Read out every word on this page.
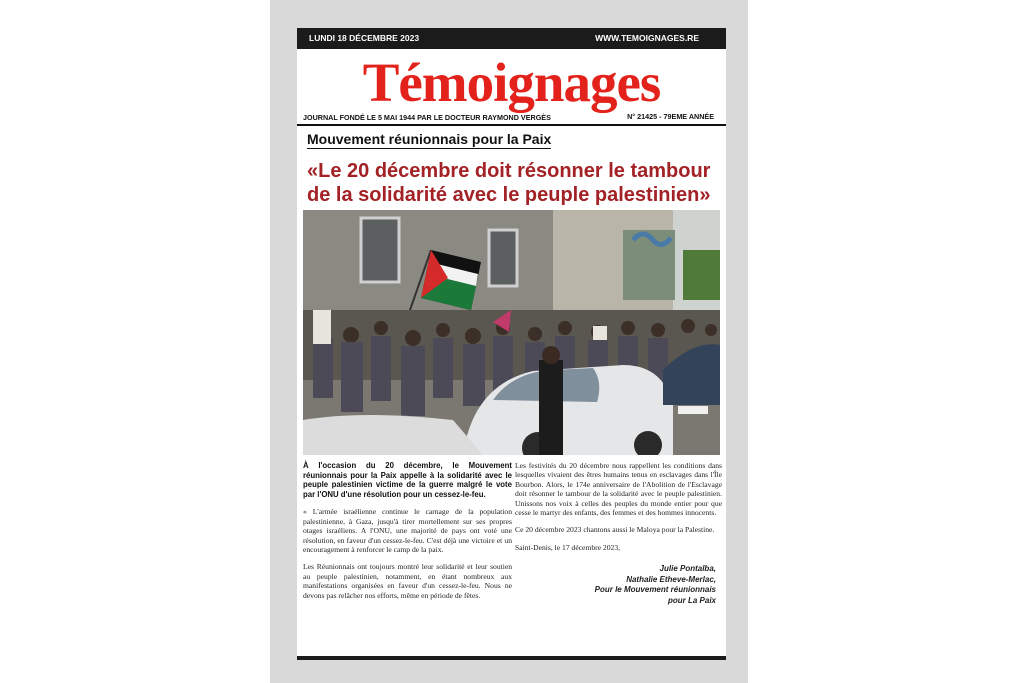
LUNDI 18 DÉCEMBRE 2023	WWW.TEMOIGNAGES.RE
Témoignages
JOURNAL FONDÉ LE 5 MAI 1944 PAR LE DOCTEUR RAYMOND VERGÈS	N° 21425 - 79EME ANNÉE
Mouvement réunionnais pour la Paix
«Le 20 décembre doit résonner le tambour de la solidarité avec le peuple palestinien»

À l'occasion du 20 décembre, le Mouvement réunionnais pour la Paix appelle à la solidarité avec le peuple palestinien victime de la guerre malgré le vote par l'ONU d'une résolution pour un cessez-le-feu.

« L'armée israélienne continue le carnage de la population palestinienne, à Gaza, jusqu'à tirer mortellement sur ses propres otages israéliens. A l'ONU, une majorité de pays ont voté une résolution, en faveur d'un cessez-le-feu. C'est déjà une victoire et un encouragement à renforcer le camp de la paix.

Les Réunionnais ont toujours montré leur solidarité et leur soutien au peuple palestinien, notamment, en étant nombreux aux manifestations organisées en faveur d'un cessez-le-feu. Nous ne devons pas relâcher nos efforts, même en période de fêtes.

Les festivités du 20 décembre nous rappellent les conditions dans lesquelles vivaient des êtres humains tenus en esclavages dans l'Île Bourbon. Alors, le 174e anniversaire de l'Abolition de l'Esclavage doit résonner le tambour de la solidarité avec le peuple palestinien. Unissons nos voix à celles des peuples du monde entier pour que cesse le martyr des enfants, des femmes et des hommes innocents.

Ce 20 décembre 2023 chantons aussi le Maloya pour la Palestine.

Saint-Denis, le 17 décembre 2023,

Julie Pontalba,
Nathalie Etheve-Merlac,
Pour le Mouvement réunionnais
pour La Paix
